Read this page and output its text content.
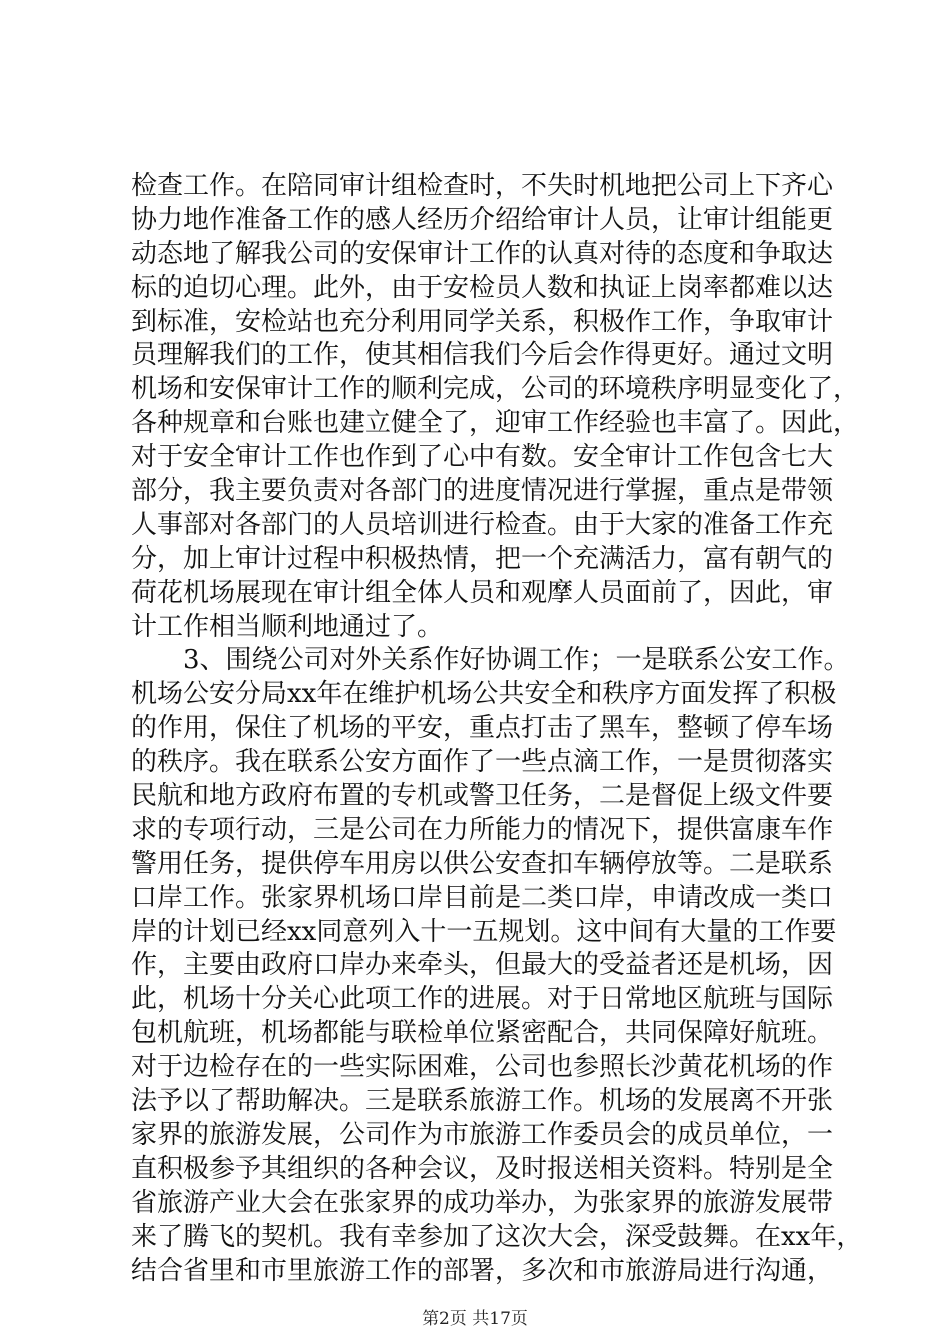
检查工作。在陪同审计组检查时，不失时机地把公司上下齐心
协力地作准备工作的感人经历介绍给审计人员，让审计组能更
动态地了解我公司的安保审计工作的认真对待的态度和争取达
标的迫切心理。此外，由于安检员人数和执证上岗率都难以达
到标准，安检站也充分利用同学关系，积极作工作，争取审计
员理解我们的工作，使其相信我们今后会作得更好。通过文明
机场和安保审计工作的顺利完成，公司的环境秩序明显变化了，
各种规章和台账也建立健全了，迎审工作经验也丰富了。因此，
对于安全审计工作也作到了心中有数。安全审计工作包含七大
部分，我主要负责对各部门的进度情况进行掌握，重点是带领
人事部对各部门的人员培训进行检查。由于大家的准备工作充
分，加上审计过程中积极热情，把一个充满活力，富有朝气的
荷花机场展现在审计组全体人员和观摩人员面前了，因此，审
计工作相当顺利地通过了。
3、围绕公司对外关系作好协调工作；一是联系公安工作。
机场公安分局xx年在维护机场公共安全和秩序方面发挥了积极
的作用，保住了机场的平安，重点打击了黑车，整顿了停车场
的秩序。我在联系公安方面作了一些点滴工作，一是贯彻落实
民航和地方政府布置的专机或警卫任务，二是督促上级文件要
求的专项行动，三是公司在力所能力的情况下，提供富康车作
警用任务，提供停车用房以供公安查扣车辆停放等。二是联系
口岸工作。张家界机场口岸目前是二类口岸，申请改成一类口
岸的计划已经xx同意列入十一五规划。这中间有大量的工作要
作，主要由政府口岸办来牵头，但最大的受益者还是机场，因
此，机场十分关心此项工作的进展。对于日常地区航班与国际
包机航班，机场都能与联检单位紧密配合，共同保障好航班。
对于边检存在的一些实际困难，公司也参照长沙黄花机场的作
法予以了帮助解决。三是联系旅游工作。机场的发展离不开张
家界的旅游发展，公司作为市旅游工作委员会的成员单位，一
直积极参予其组织的各种会议，及时报送相关资料。特别是全
省旅游产业大会在张家界的成功举办，为张家界的旅游发展带
来了腾飞的契机。我有幸参加了这次大会，深受鼓舞。在xx年，
结合省里和市里旅游工作的部署，多次和市旅游局进行沟通，
第2页 共17页
